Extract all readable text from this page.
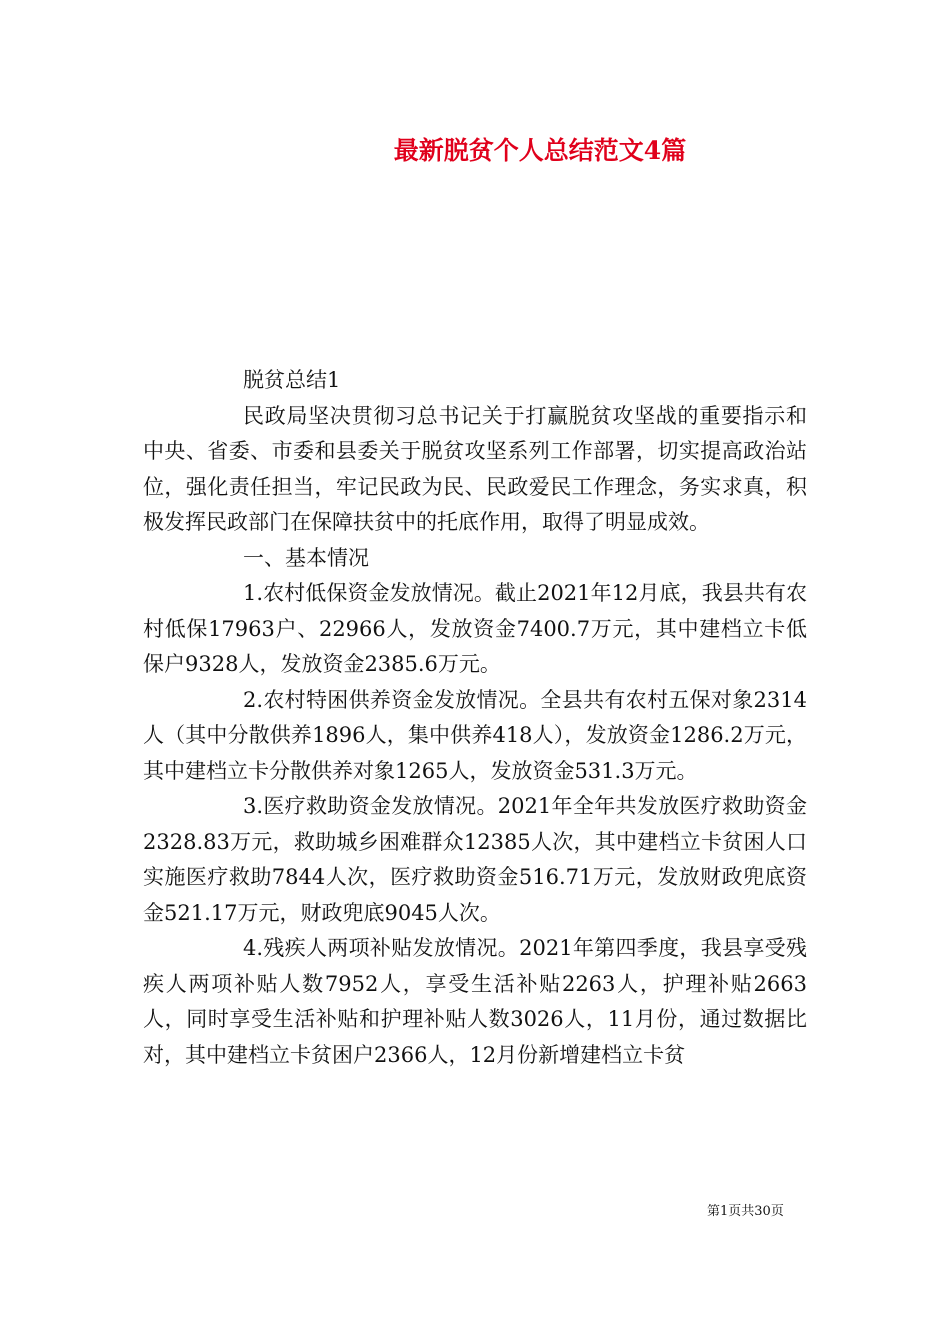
最新脱贫个人总结范文4篇

脱贫总结1

民政局坚决贯彻习总书记关于打赢脱贫攻坚战的重要指示和中央、省委、市委和县委关于脱贫攻坚系列工作部署，切实提高政治站位，强化责任担当，牢记民政为民、民政爱民工作理念，务实求真，积极发挥民政部门在保障扶贫中的托底作用，取得了明显成效。

一、基本情况

1.农村低保资金发放情况。截止2021年12月底，我县共有农村低保17963户、22966人，发放资金7400.7万元，其中建档立卡低保户9328人，发放资金2385.6万元。

2.农村特困供养资金发放情况。全县共有农村五保对象2314人（其中分散供养1896人，集中供养418人），发放资金1286.2万元，其中建档立卡分散供养对象1265人，发放资金531.3万元。

3.医疗救助资金发放情况。2021年全年共发放医疗救助资金2328.83万元，救助城乡困难群众12385人次，其中建档立卡贫困人口实施医疗救助7844人次，医疗救助资金516.71万元，发放财政兜底资金521.17万元，财政兜底9045人次。

4.残疾人两项补贴发放情况。2021年第四季度，我县享受残疾人两项补贴人数7952人，享受生活补贴2263人，护理补贴2663人，同时享受生活补贴和护理补贴人数3026人，11月份，通过数据比对，其中建档立卡贫困户2366人，12月份新增建档立卡贫

第1页共30页
